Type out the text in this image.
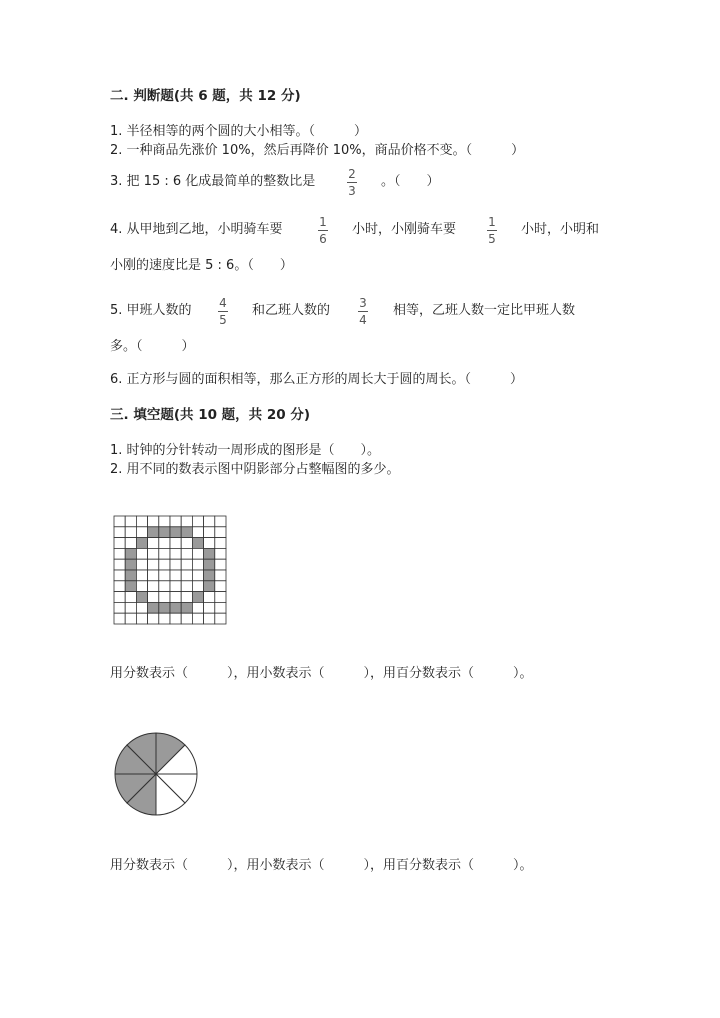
二. 判断题(共 6 题，共 12 分)
1. 半径相等的两个圆的大小相等。（　　　）
2. 一种商品先涨价 10%，然后再降价 10%，商品价格不变。（　　　）
3. 把 15 : 6 化成最简单的整数比是	2
3
。（　　）
4. 从甲地到乙地，小明骑车要	1
6
小时，小刚骑车要	1
5
小时，小明和
小刚的速度比是 5 : 6。（　　）
5. 甲班人数的 4
5
和乙班人数的 3
4
相等，乙班人数一定比甲班人数
多。（　　　）
6. 正方形与圆的面积相等，那么正方形的周长大于圆的周长。（　　　）
三. 填空题(共 10 题，共 20 分)
1. 时钟的分针转动一周形成的图形是（　　）。
2. 用不同的数表示图中阴影部分占整幅图的多少。
用分数表示（　　　），用小数表示（　　　），用百分数表示（　　　）。
用分数表示（　　　），用小数表示（　　　），用百分数表示（　　　）。
